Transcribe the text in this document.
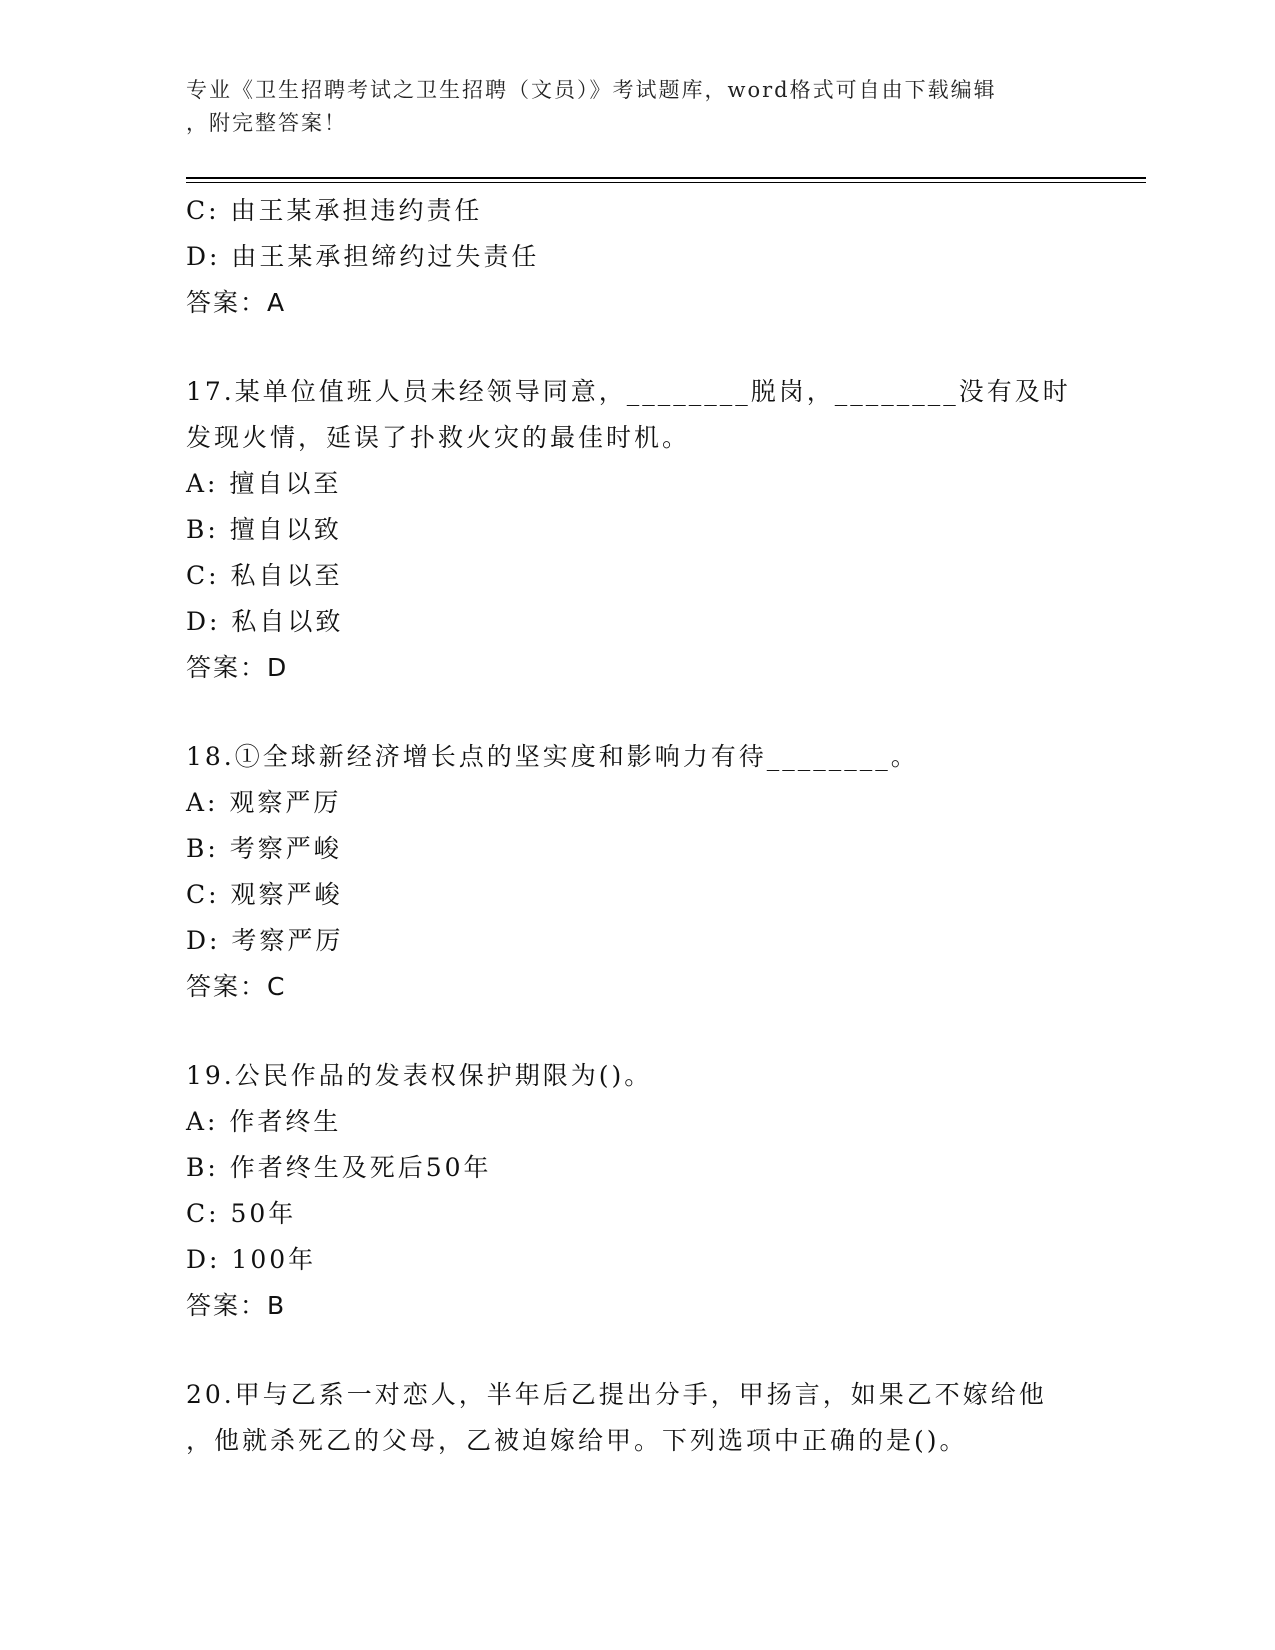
专业《卫生招聘考试之卫生招聘（文员）》考试题库，word格式可自由下载编辑
，附完整答案！
C: 由王某承担违约责任
D: 由王某承担缔约过失责任
答案：A
17.某单位值班人员未经领导同意，________脱岗，________没有及时
发现火情，延误了扑救火灾的最佳时机。
A: 擅自以至
B: 擅自以致
C: 私自以至
D: 私自以致
答案：D
18.①全球新经济增长点的坚实度和影响力有待________。
A: 观察严厉
B: 考察严峻
C: 观察严峻
D: 考察严厉
答案：C
19.公民作品的发表权保护期限为()。
A: 作者终生
B: 作者终生及死后50年
C: 50年
D: 100年
答案：B
20.甲与乙系一对恋人，半年后乙提出分手，甲扬言，如果乙不嫁给他
，他就杀死乙的父母，乙被迫嫁给甲。下列选项中正确的是()。
